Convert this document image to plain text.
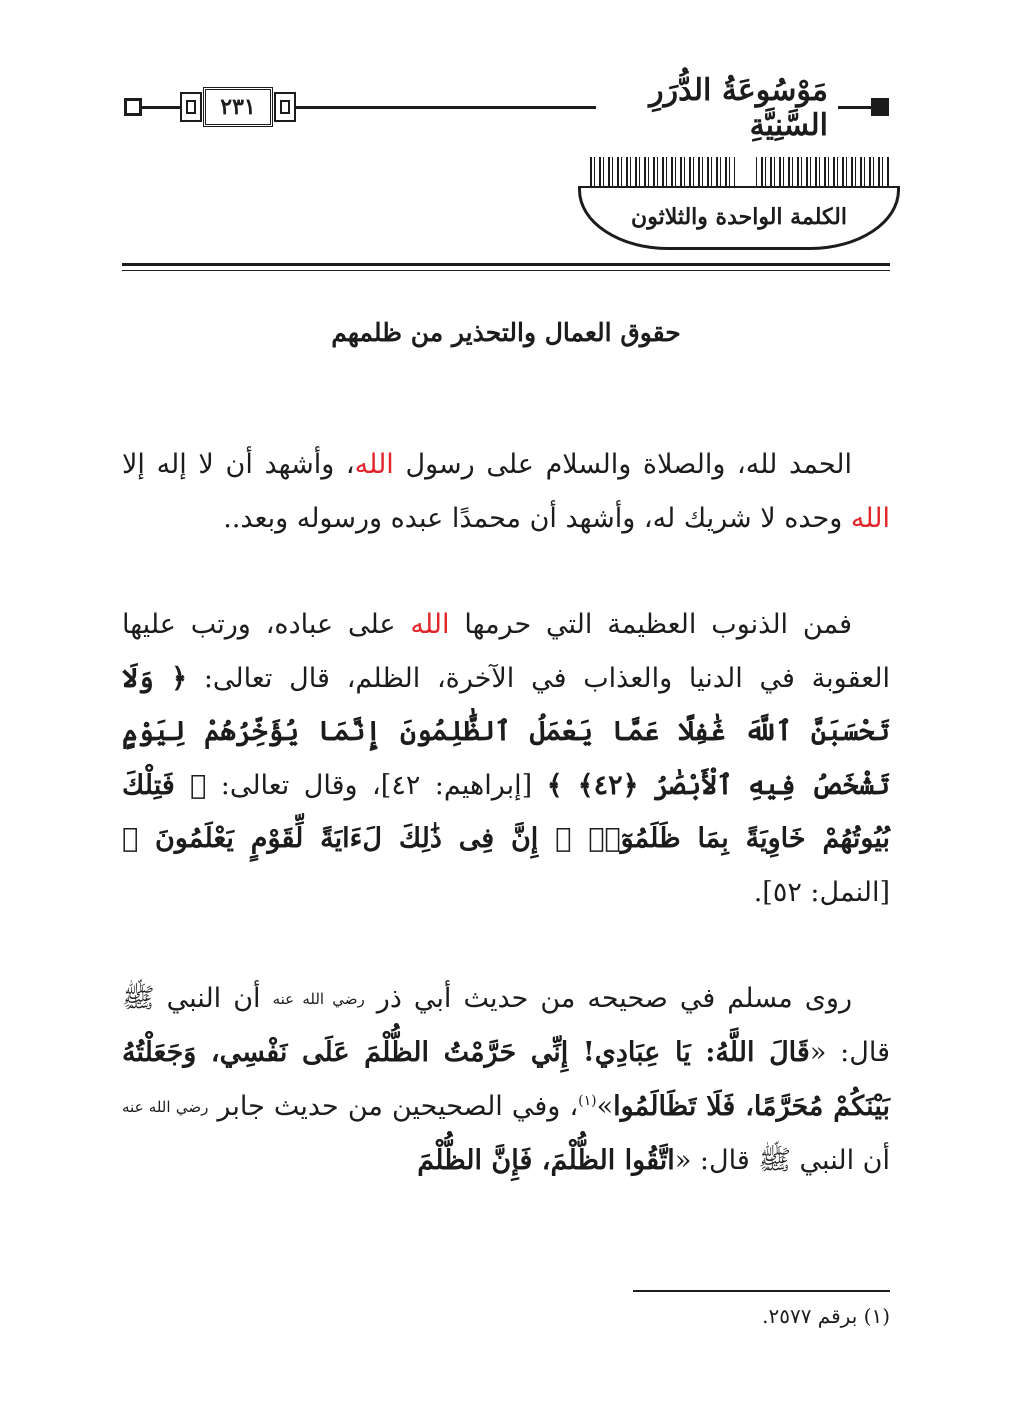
٢٣١	مَوْسُوعَةُ الدُّرَرِ السَّنِيَّةِ
الكلمة الواحدة والثلاثون
حقوق العمال والتحذير من ظلمهم

الحمد لله، والصلاة والسلام على رسول الله، وأشهد أن لا إله إلا الله وحده لا شريك له، وأشهد أن محمدًا عبده ورسوله وبعد..

فمن الذنوب العظيمة التي حرمها الله على عباده، ورتب عليها العقوبة في الدنيا والعذاب في الآخرة، الظلم، قال تعالى: ﴿ وَلَا تَحْسَبَنَّ ٱللَّهَ غَٰفِلًا عَمَّا يَعْمَلُ ٱلظَّٰلِمُونَ إِنَّمَا يُؤَخِّرُهُمْ لِيَوْمٍ تَشْخَصُ فِيهِ ٱلْأَبْصَٰرُ ﴿٤٢﴾ ﴾ [إبراهيم: ٤٢]، وقال تعالى: ﴿ فَتِلْكَ بُيُوتُهُمْ خَاوِيَةً بِمَا ظَلَمُوٓا۟ ۗ إِنَّ فِى ذَٰلِكَ لَءَايَةً لِّقَوْمٍ يَعْلَمُونَ ﴾ [النمل: ٥٢].

روى مسلم في صحيحه من حديث أبي ذر رضي الله عنه أن النبي ﷺ قال: «قَالَ اللَّهُ: يَا عِبَادِي! إِنِّي حَرَّمْتُ الظُّلْمَ عَلَى نَفْسِي، وَجَعَلْتُهُ بَيْنَكُمْ مُحَرَّمًا، فَلَا تَظَالَمُوا»$^{(١)}$، وفي الصحيحين من حديث جابر رضي الله عنه أن النبي ﷺ قال: «اتَّقُوا الظُّلْمَ، فَإِنَّ الظُّلْمَ

(١) برقم ٢٥٧٧.
